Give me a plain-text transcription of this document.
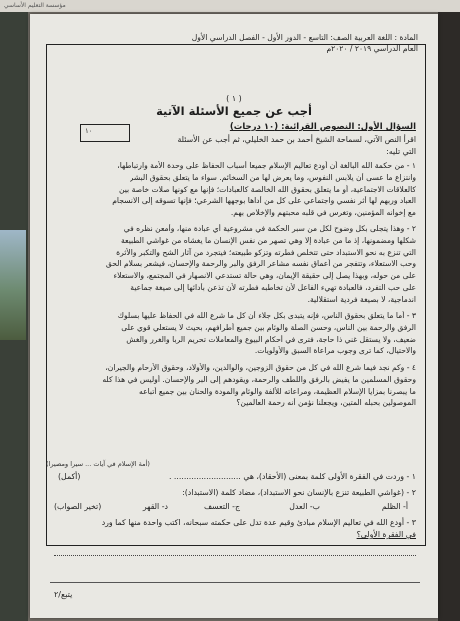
مؤسسة التعليم الأساسي
المادة : اللغة العربية الصف: التاسع - الدور الأول - الفصل الدراسي الأول
العام الدراسي ٢٠١٩ / ٢٠٢٠م
( ١ )
أجب عن جميع الأسئلة الآتية
السؤال الأول: النصوص القرائية: (١٠ درجات)
١٠
اقرأ النص الآتي، لسماحة الشيخ أحمد بن حمد الخليلي، ثم أجب عن الأسئلة
التي تليه:
١ - من حكمة الله البالغة أن أودع تعاليم الإسلام جميعا أسباب الحفاظ على وحدة الأمة وارتباطها،
وانتزاع ما عسى أن يلابس النفوس، وما يعرض لها من السخائم. سواء ما يتعلق بحقوق البشر
كالعلاقات الاجتماعية، أو ما يتعلق بحقوق الله الخالصة كالعبادات؛ فإنها مع كونها صلات خاصة بين
العباد وربهم لها أثر نفسي واجتماعي على كل من أداها بوجهها الشرعي؛ فإنها تسوقه إلى الانسجام
مع إخوانه المؤمنين، وتغرس في قلبه محبتهم والإخلاص بهم.
٢ - وهذا يتجلى بكل وضوح لكل من سبر الحكمة في مشروعية أي عبادة منها، وأمعن نظره في
شكلها ومضمونها، إذ ما من عبادة إلا وهي تصهر من نفس الإنسان ما يغشاه من غواشي الطبيعة
التي تنزع به نحو الاستبداد حتى تتخلص فطرته وتزكو طبيعته؛ فيتجرد من آثار الشح والتكبر والأثرة
وحب الاستعلاء، وتتفجر من أعماق نفسه مشاعر الرفق والبر والرحمة والإحسان، فيشعر بسلام الحق
على من حوله، وبهذا يصل إلى حقيقة الإيمان، وهي حالة تستدعي الانصهار في المجتمع، والاستعلاء
على حب التفرد، فالعبادة تهيء الفاعل لأن تخاطبه فطرته لأن تذعن بأدائها إلى صيغة جماعية
اندماجية، لا بصيغة فردية استقلالية.
٣ - أما ما يتعلق بحقوق الناس، فإنه يتبدى بكل جلاء أن كل ما شرع الله في الحفاظ عليها بسلوك
الرفق والرحمة بين الناس، وحسن الصلة والوئام بين جميع أطرافهم، بحيث لا يستعلي قوي على
ضعيف، ولا يستقل غني ذا حاجة، فترى في أحكام البيوع والمعاملات تحريم الربا والغرر والغش
والاحتيال، كما ترى وجوب مراعاة السبق والأولويات.
٤ - وكم نجد فيما شرع الله في كل من حقوق الزوجين، والوالدين، والأولاد، وحقوق الأرحام والجيران،
وحقوق المسلمين ما يفيض بالرفق واللطف والرحمة، ويقودهم إلى البر والإحسان. أوليس في هذا كله
ما يبصرنا بمزايا الإسلام العظيمة، ومراعاته للألفة والوئام والمودة والحنان بين جميع أتباعه
الموصولين بحبله المتين، ويجعلنا نؤمن أنه رحمة العالمين؟
(أمة الإسلام في آيات ... سيرا ومصيرا)
١ - وردت في الفقرة الأولى كلمة بمعنى (الأحقاد)، هي ........................... .
(أكمل)
٢ - (غواشي الطبيعة تنزع بالإنسان نحو الاستبداد)، مضاد كلمة (الاستبداد):
أ- الظلم
ب- العدل
ج- التعسف
د- القهر
(تخير الصواب)
٣ - أودع الله في تعاليم الإسلام مبادئ وقيم عدة تدل على حكمته سبحانه، اكتب واحدة منها كما ورد
في الفقرة الأولى؟
يتبع/٢
